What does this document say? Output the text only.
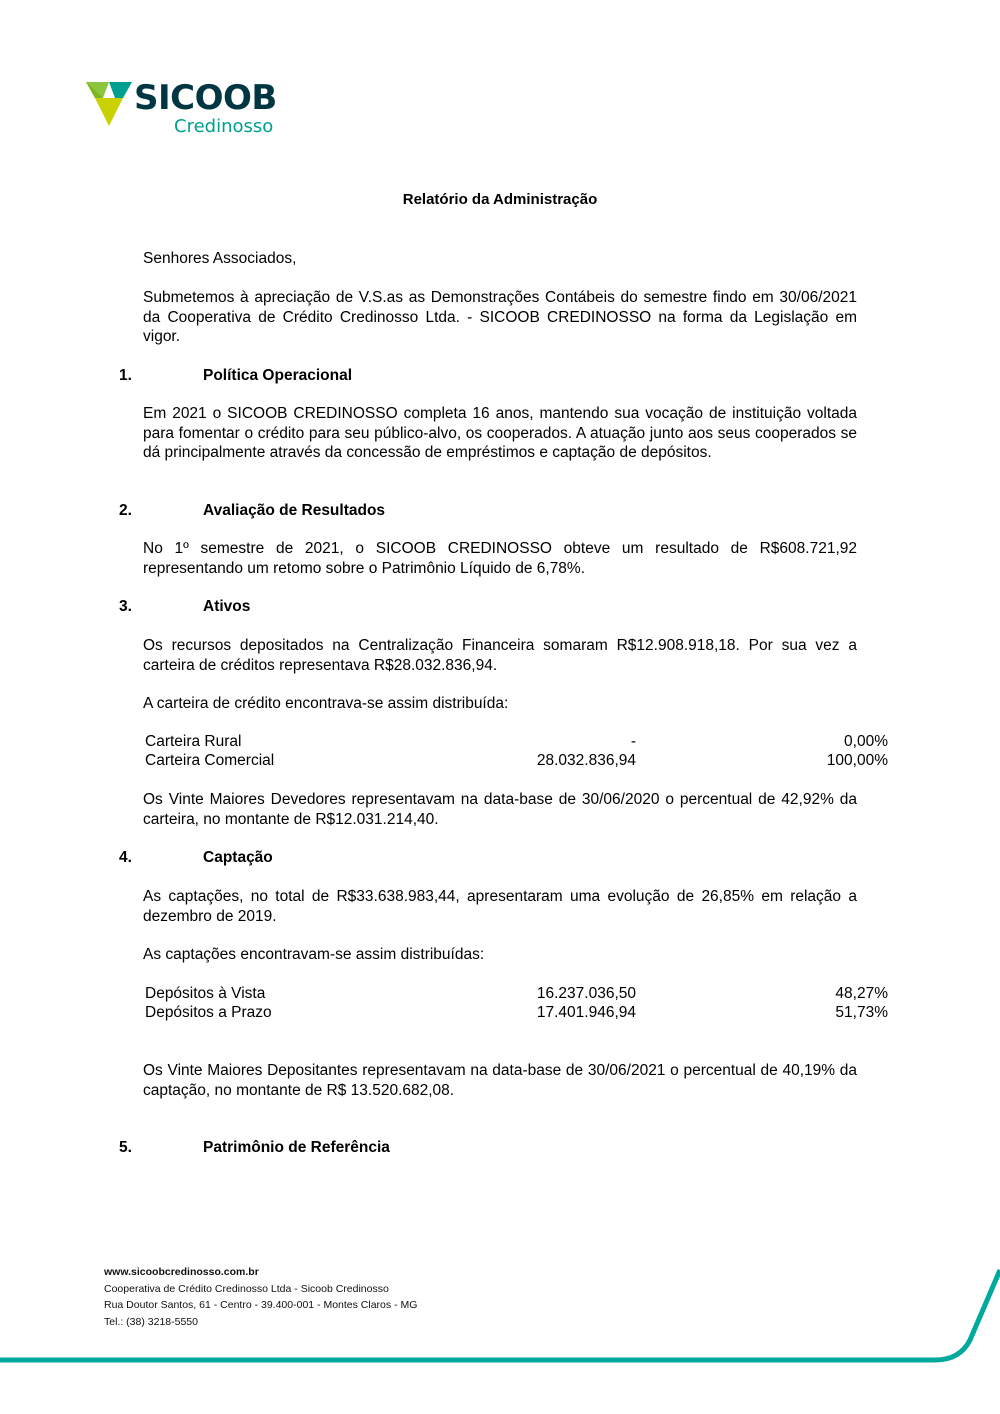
SICOOB
Credinosso
Relatório da Administração
Senhores Associados,
Submetemos à apreciação de V.S.as as Demonstrações Contábeis do semestre findo em 30/06/2021 da Cooperativa de Crédito Credinosso Ltda. - SICOOB CREDINOSSO na forma da Legislação em vigor.
1.	Política Operacional
Em 2021 o SICOOB CREDINOSSO completa 16 anos, mantendo sua vocação de instituição voltada para fomentar o crédito para seu público-alvo, os cooperados. A atuação junto aos seus cooperados se dá principalmente através da concessão de empréstimos e captação de depósitos.
2.	Avaliação de Resultados
No 1º semestre de 2021, o SICOOB CREDINOSSO obteve um resultado de R$608.721,92 representando um retomo sobre o Patrimônio Líquido de 6,78%.
3.	Ativos
Os recursos depositados na Centralização Financeira somaram R$12.908.918,18. Por sua vez a carteira de créditos representava R$28.032.836,94.
A carteira de crédito encontrava-se assim distribuída:
Carteira Rural	-	0,00%
Carteira Comercial	28.032.836,94	100,00%
Os Vinte Maiores Devedores representavam na data-base de 30/06/2020 o percentual de 42,92% da carteira, no montante de R$12.031.214,40.
4.	Captação
As captações, no total de R$33.638.983,44, apresentaram uma evolução de 26,85% em relação a dezembro de 2019.
As captações encontravam-se assim distribuídas:
Depósitos à Vista	16.237.036,50	48,27%
Depósitos a Prazo	17.401.946,94	51,73%
Os Vinte Maiores Depositantes representavam na data-base de 30/06/2021 o percentual de 40,19% da captação, no montante de R$ 13.520.682,08.
5.	Patrimônio de Referência
www.sicoobcredinosso.com.br
Cooperativa de Crédito Credinosso Ltda - Sicoob Credinosso
Rua Doutor Santos, 61 - Centro - 39.400-001 - Montes Claros - MG
Tel.: (38) 3218-5550
